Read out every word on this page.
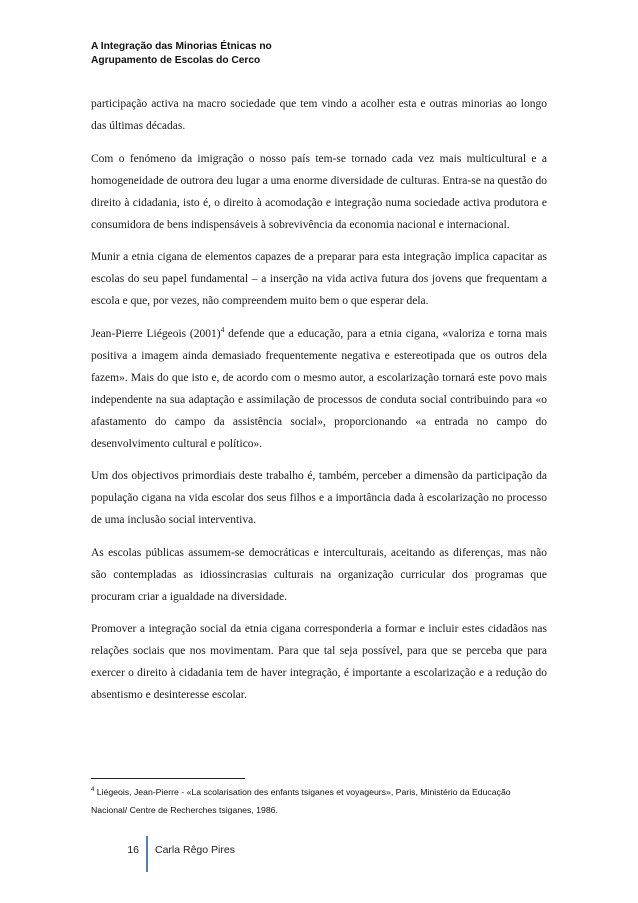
A Integração das Minorias Étnicas no
Agrupamento de Escolas do Cerco

participação activa na macro sociedade que tem vindo a acolher esta e outras minorias ao longo das últimas décadas.

Com o fenómeno da imigração o nosso país tem-se tornado cada vez mais multicultural e a homogeneidade de outrora deu lugar a uma enorme diversidade de culturas. Entra-se na questão do direito à cidadania, isto é, o direito à acomodação e integração numa sociedade activa produtora e consumidora de bens indispensáveis à sobrevivência da economia nacional e internacional.

Munir a etnia cigana de elementos capazes de a preparar para esta integração implica capacitar as escolas do seu papel fundamental – a inserção na vida activa futura dos jovens que frequentam a escola e que, por vezes, não compreendem muito bem o que esperar dela.

Jean-Pierre Liégeois $(2001)^4$ defende que a educação, para a etnia cigana, «valoriza e torna mais positiva a imagem ainda demasiado frequentemente negativa e estereotipada que os outros dela fazem». Mais do que isto e, de acordo com o mesmo autor, a escolarização tornará este povo mais independente na sua adaptação e assimilação de processos de conduta social contribuindo para «o afastamento do campo da assistência social», proporcionando «a entrada no campo do desenvolvimento cultural e político».

Um dos objectivos primordiais deste trabalho é, também, perceber a dimensão da participação da população cigana na vida escolar dos seus filhos e a importância dada à escolarização no processo de uma inclusão social interventiva.

As escolas públicas assumem-se democráticas e interculturais, aceitando as diferenças, mas não são contempladas as idiossincrasias culturais na organização curricular dos programas que procuram criar a igualdade na diversidade.

Promover a integração social da etnia cigana corresponderia a formar e incluir estes cidadãos nas relações sociais que nos movimentam. Para que tal seja possível, para que se perceba que para exercer o direito à cidadania tem de haver integração, é importante a escolarização e a redução do absentismo e desinteresse escolar.

$^4$ Liégeois, Jean-Pierre - «La scolarisation des enfants tsiganes et voyageurs», Paris, Ministério da Educação Nacional/ Centre de Recherches tsiganes, 1986.
16 Carla Rêgo Pires
